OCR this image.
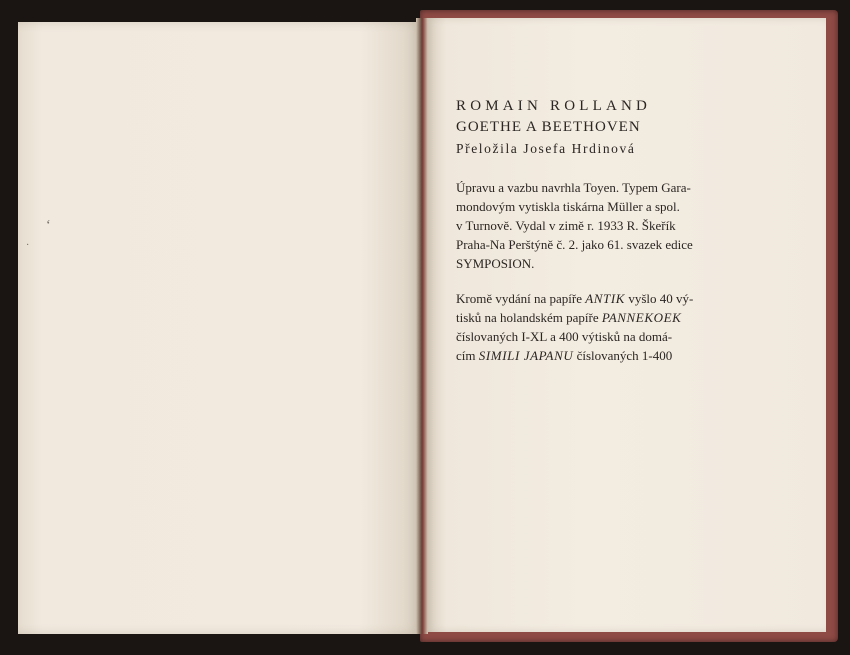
‘
·
ROMAIN ROLLAND
GOETHE A BEETHOVEN
Přeložila Josefa Hrdinová

Úpravu a vazbu navrhla Toyen. Typem Gara-
mondovým vytiskla tiskárna Müller a spol.
v Turnově. Vydal v zimě r. 1933 R. Škeřík
Praha-Na Perštýně č. 2. jako 61. svazek edice
SYMPOSION.

Kromě vydání na papíře ANTIK vyšlo 40 vý-
tisků na holandském papíře PANNEKOEK
číslovaných I-XL a 400 výtisků na domá-
cím SIMILI JAPANU číslovaných 1-400
